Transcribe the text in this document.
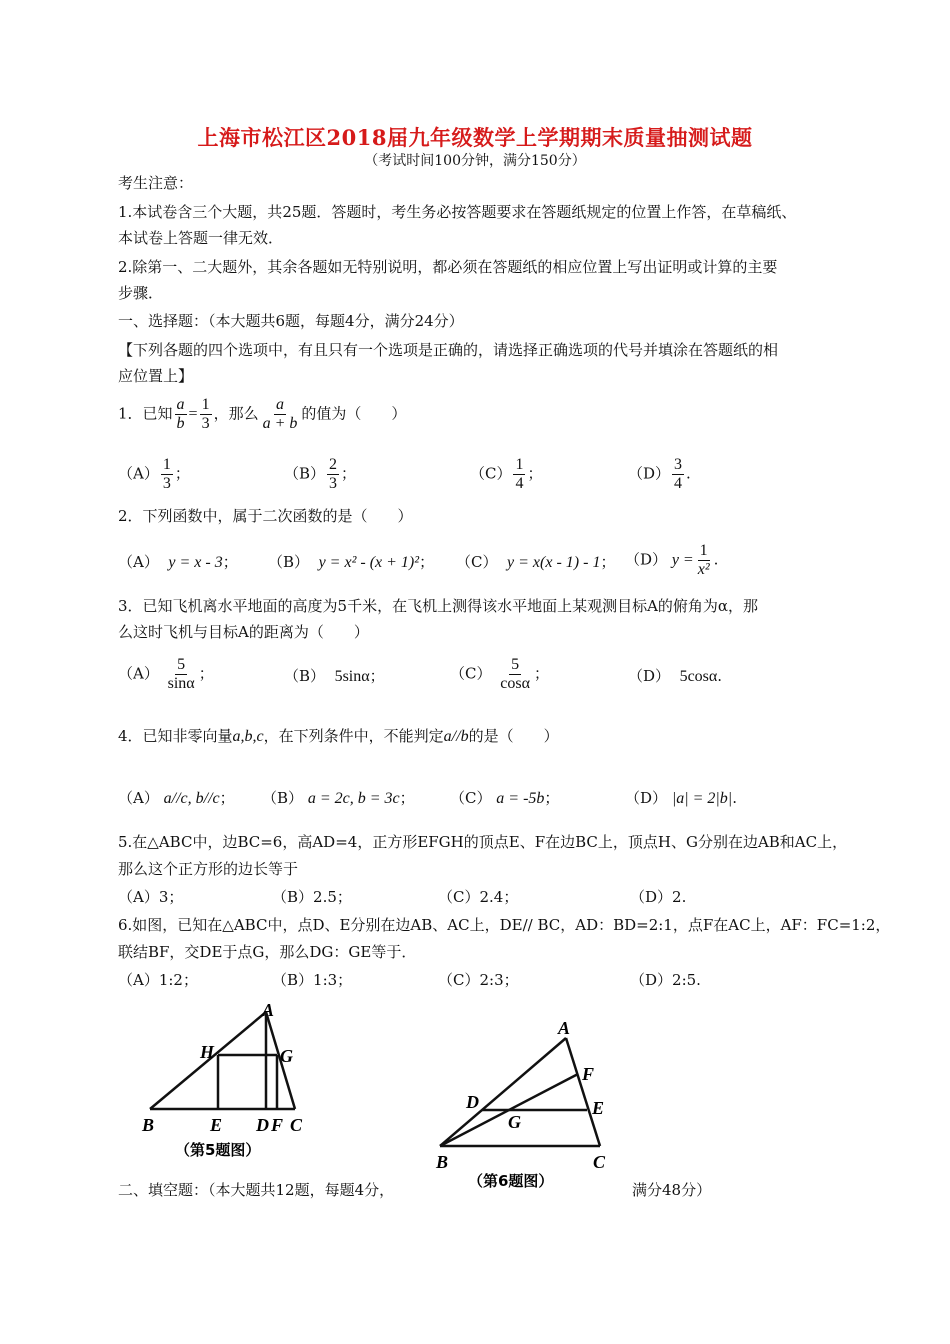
上海市松江区2018届九年级数学上学期期末质量抽测试题
（考试时间100分钟，满分150分）
考生注意：
1.本试卷含三个大题，共25题．答题时，考生务必按答题要求在答题纸规定的位置上作答，在草稿纸、
本试卷上答题一律无效．
2.除第一、二大题外，其余各题如无特别说明，都必须在答题纸的相应位置上写出证明或计算的主要
步骤．
一、选择题：（本大题共6题，每题4分，满分24分）
【下列各题的四个选项中，有且只有一个选项是正确的，请选择正确选项的代号并填涂在答题纸的相
应位置上】
1．已知 $\frac{a}{b} = \frac{1}{3}$ ，那么 $\frac{a}{a + b}$ 的值为（　　）
$(A) \frac{1}{3}$ ；	$(B) \frac{2}{3}$ ；	$(C) \frac{1}{4}$ ；	$(D) \frac{3}{4}$ .
2．下列函数中，属于二次函数的是（　　）
（A） y = x - 3； （B） y = x² - (x + 1)²； （C） y = x(x - 1) - 1； （D） $y = \frac{1}{\text{x²}}$ .
3．已知飞机离水平地面的高度为5千米，在飞机上测得该水平地面上某观测目标A的俯角为α，那
么这时飞机与目标A的距离为（　　）
$(A) \frac{5}{\sin\alpha}$ ；	（B） 5sinα；	$(C) \frac{5}{\cos\alpha}$ ；	（D） 5cosα.
4．已知非零向量a,b,c，在下列条件中，不能判定a//b的是（　　）
（A） a//c, b//c； （B） a = 2c, b = 3c； （C） a = -5b；	（D） |a| = 2|b|.
5.在△ABC中，边BC=6，高AD=4，正方形EFGH的顶点E、F在边BC上，顶点H、G分别在边AB和AC上，
那么这个正方形的边长等于
（A）3；	（B）2.5；	（C）2.4；	（D）2.
6.如图，已知在△ABC中，点D、E分别在边AB、AC上，DE// BC，AD：BD=2:1，点F在AC上，AF：FC=1:2，
联结BF，交DE于点G，那么DG：GE等于．
（A）1:2；	（B）1:3；	（C）2:3；	（D）2:5.
A
B	C
D
E	F
G
H
（第5题图）
A
B	C
D	E
F
G
（第6题图）
二、填空题：（本大题共12题，每题4分，	满分48分）
